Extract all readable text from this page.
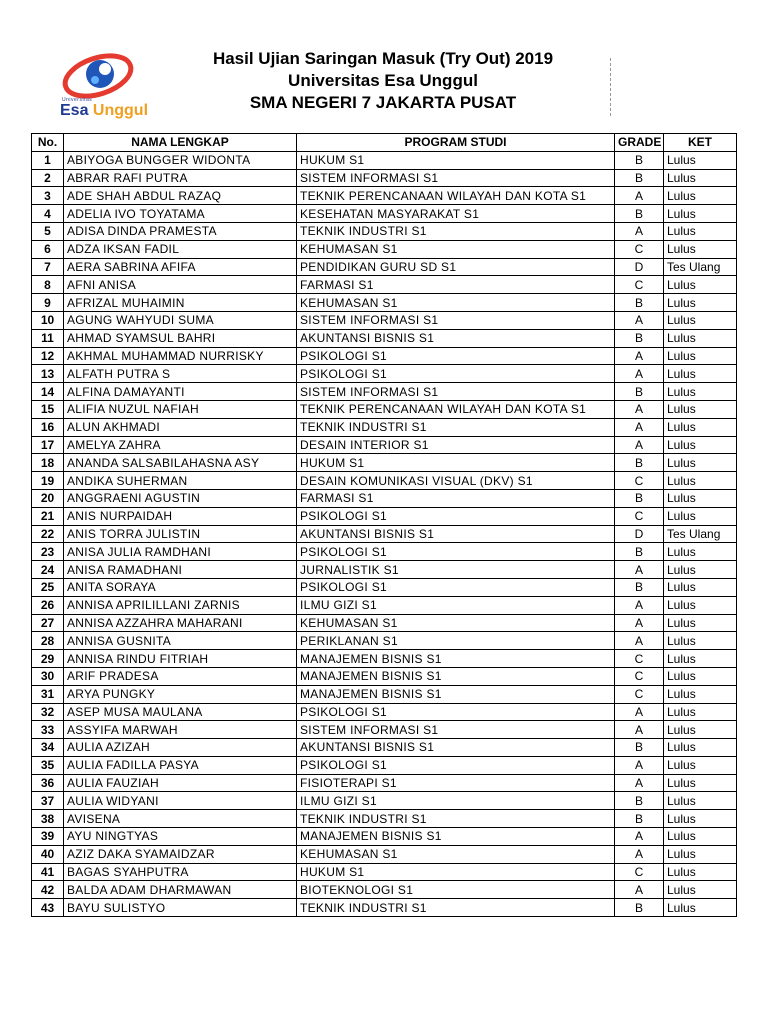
Universitas
Esa Unggul
Hasil Ujian Saringan Masuk (Try Out) 2019
Universitas Esa Unggul
SMA NEGERI 7 JAKARTA PUSAT
No.	NAMA LENGKAP	PROGRAM STUDI	GRADE	KET
1	ABIYOGA BUNGGER WIDONTA	HUKUM S1	B	Lulus
2	ABRAR RAFI PUTRA	SISTEM INFORMASI S1	B	Lulus
3	ADE SHAH ABDUL RAZAQ	TEKNIK PERENCANAAN WILAYAH DAN KOTA S1	A	Lulus
4	ADELIA IVO TOYATAMA	KESEHATAN MASYARAKAT S1	B	Lulus
5	ADISA DINDA PRAMESTA	TEKNIK INDUSTRI S1	A	Lulus
6	ADZA IKSAN FADIL	KEHUMASAN S1	C	Lulus
7	AERA SABRINA AFIFA	PENDIDIKAN GURU SD S1	D	Tes Ulang
8	AFNI ANISA	FARMASI S1	C	Lulus
9	AFRIZAL MUHAIMIN	KEHUMASAN S1	B	Lulus
10	AGUNG WAHYUDI SUMA	SISTEM INFORMASI S1	A	Lulus
11	AHMAD SYAMSUL BAHRI	AKUNTANSI BISNIS S1	B	Lulus
12	AKHMAL MUHAMMAD NURRISKY	PSIKOLOGI S1	A	Lulus
13	ALFATH PUTRA S	PSIKOLOGI S1	A	Lulus
14	ALFINA DAMAYANTI	SISTEM INFORMASI S1	B	Lulus
15	ALIFIA NUZUL NAFIAH	TEKNIK PERENCANAAN WILAYAH DAN KOTA S1	A	Lulus
16	ALUN AKHMADI	TEKNIK INDUSTRI S1	A	Lulus
17	AMELYA ZAHRA	DESAIN INTERIOR S1	A	Lulus
18	ANANDA SALSABILAHASNA ASY	HUKUM S1	B	Lulus
19	ANDIKA SUHERMAN	DESAIN KOMUNIKASI VISUAL (DKV) S1	C	Lulus
20	ANGGRAENI AGUSTIN	FARMASI S1	B	Lulus
21	ANIS NURPAIDAH	PSIKOLOGI S1	C	Lulus
22	ANIS TORRA JULISTIN	AKUNTANSI BISNIS S1	D	Tes Ulang
23	ANISA JULIA RAMDHANI	PSIKOLOGI S1	B	Lulus
24	ANISA RAMADHANI	JURNALISTIK S1	A	Lulus
25	ANITA SORAYA	PSIKOLOGI S1	B	Lulus
26	ANNISA APRILILLANI ZARNIS	ILMU GIZI S1	A	Lulus
27	ANNISA AZZAHRA MAHARANI	KEHUMASAN S1	A	Lulus
28	ANNISA GUSNITA	PERIKLANAN S1	A	Lulus
29	ANNISA RINDU FITRIAH	MANAJEMEN BISNIS S1	C	Lulus
30	ARIF PRADESA	MANAJEMEN BISNIS S1	C	Lulus
31	ARYA PUNGKY	MANAJEMEN BISNIS S1	C	Lulus
32	ASEP MUSA MAULANA	PSIKOLOGI S1	A	Lulus
33	ASSYIFA MARWAH	SISTEM INFORMASI S1	A	Lulus
34	AULIA AZIZAH	AKUNTANSI BISNIS S1	B	Lulus
35	AULIA FADILLA PASYA	PSIKOLOGI S1	A	Lulus
36	AULIA FAUZIAH	FISIOTERAPI S1	A	Lulus
37	AULIA WIDYANI	ILMU GIZI S1	B	Lulus
38	AVISENA	TEKNIK INDUSTRI S1	B	Lulus
39	AYU NINGTYAS	MANAJEMEN BISNIS S1	A	Lulus
40	AZIZ DAKA SYAMAIDZAR	KEHUMASAN S1	A	Lulus
41	BAGAS SYAHPUTRA	HUKUM S1	C	Lulus
42	BALDA ADAM DHARMAWAN	BIOTEKNOLOGI S1	A	Lulus
43	BAYU SULISTYO	TEKNIK INDUSTRI S1	B	Lulus
